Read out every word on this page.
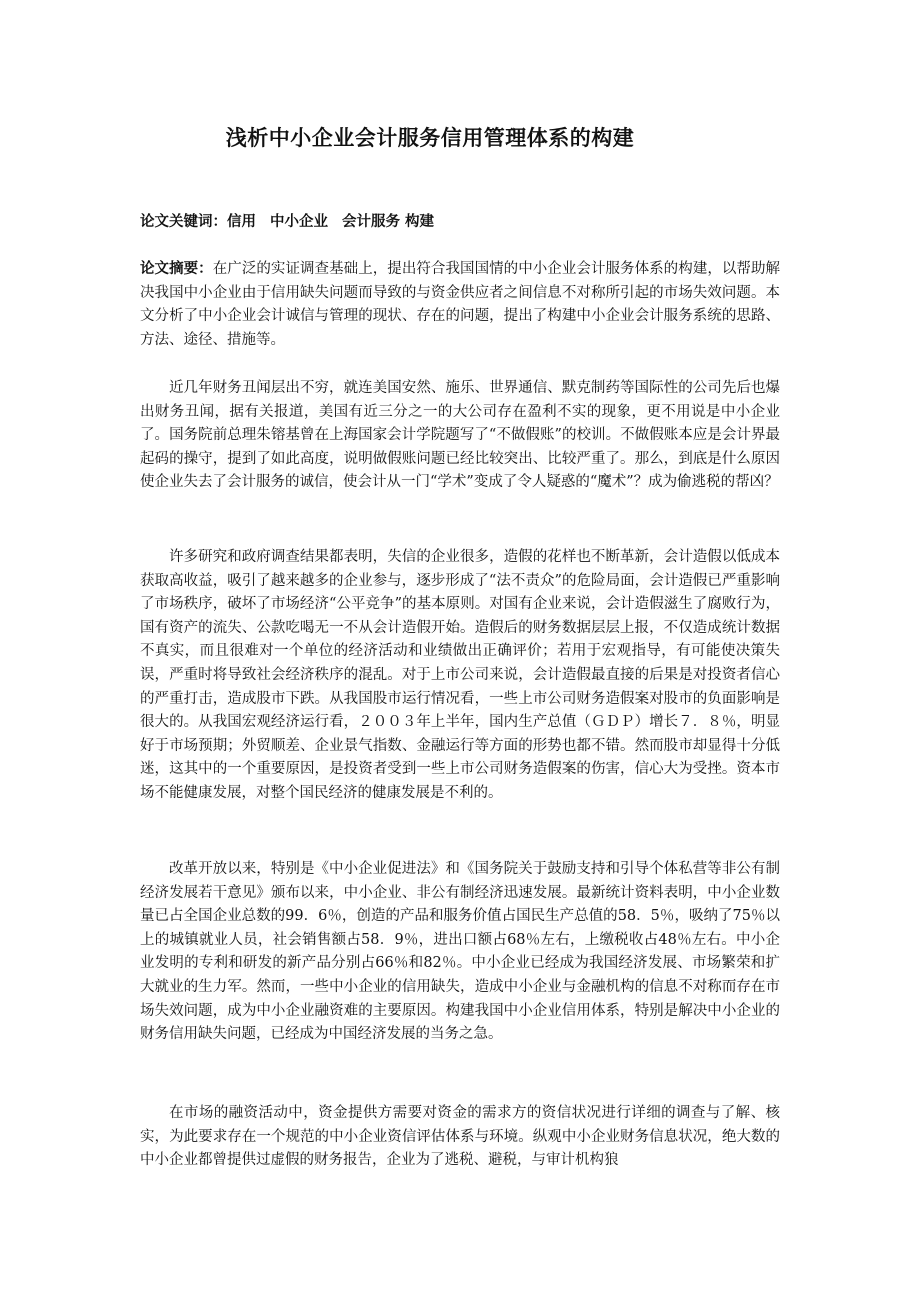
浅析中小企业会计服务信用管理体系的构建

论文关键词：信用 中小企业 会计服务 构建

论文摘要：在广泛的实证调查基础上，提出符合我国国情的中小企业会计服务体系的构建，以帮助解决我国中小企业由于信用缺失问题而导致的与资金供应者之间信息不对称所引起的市场失效问题。本文分析了中小企业会计诚信与管理的现状、存在的问题，提出了构建中小企业会计服务系统的思路、方法、途径、措施等。

近几年财务丑闻层出不穷，就连美国安然、施乐、世界通信、默克制药等国际性的公司先后也爆出财务丑闻，据有关报道，美国有近三分之一的大公司存在盈利不实的现象，更不用说是中小企业了。国务院前总理朱镕基曾在上海国家会计学院题写了“不做假账”的校训。不做假账本应是会计界最起码的操守，提到了如此高度，说明做假账问题已经比较突出、比较严重了。那么，到底是什么原因使企业失去了会计服务的诚信，使会计从一门“学术”变成了令人疑惑的“魔术”？成为偷逃税的帮凶？

许多研究和政府调查结果都表明，失信的企业很多，造假的花样也不断革新，会计造假以低成本获取高收益，吸引了越来越多的企业参与，逐步形成了“法不责众”的危险局面，会计造假已严重影响了市场秩序，破坏了市场经济“公平竞争”的基本原则。对国有企业来说，会计造假滋生了腐败行为，国有资产的流失、公款吃喝无一不从会计造假开始。造假后的财务数据层层上报，不仅造成统计数据不真实，而且很难对一个单位的经济活动和业绩做出正确评价；若用于宏观指导，有可能使决策失误，严重时将导致社会经济秩序的混乱。对于上市公司来说，会计造假最直接的后果是对投资者信心的严重打击，造成股市下跌。从我国股市运行情况看，一些上市公司财务造假案对股市的负面影响是很大的。从我国宏观经济运行看，２００３年上半年，国内生产总值（ＧＤＰ）增长７．８％，明显好于市场预期；外贸顺差、企业景气指数、金融运行等方面的形势也都不错。然而股市却显得十分低迷，这其中的一个重要原因，是投资者受到一些上市公司财务造假案的伤害，信心大为受挫。资本市场不能健康发展，对整个国民经济的健康发展是不利的。

改革开放以来，特别是《中小企业促进法》和《国务院关于鼓励支持和引导个体私营等非公有制经济发展若干意见》颁布以来，中小企业、非公有制经济迅速发展。最新统计资料表明，中小企业数量已占全国企业总数的99．6％，创造的产品和服务价值占国民生产总值的58．5％，吸纳了75％以上的城镇就业人员，社会销售额占58．9％，进出口额占68％左右，上缴税收占48％左右。中小企业发明的专利和研发的新产品分别占66％和82％。中小企业已经成为我国经济发展、市场繁荣和扩大就业的生力军。然而，一些中小企业的信用缺失，造成中小企业与金融机构的信息不对称而存在市场失效问题，成为中小企业融资难的主要原因。构建我国中小企业信用体系，特别是解决中小企业的财务信用缺失问题，已经成为中国经济发展的当务之急。

在市场的融资活动中，资金提供方需要对资金的需求方的资信状况进行详细的调查与了解、核实，为此要求存在一个规范的中小企业资信评估体系与环境。纵观中小企业财务信息状况，绝大数的中小企业都曾提供过虚假的财务报告，企业为了逃税、避税，与审计机构狼
